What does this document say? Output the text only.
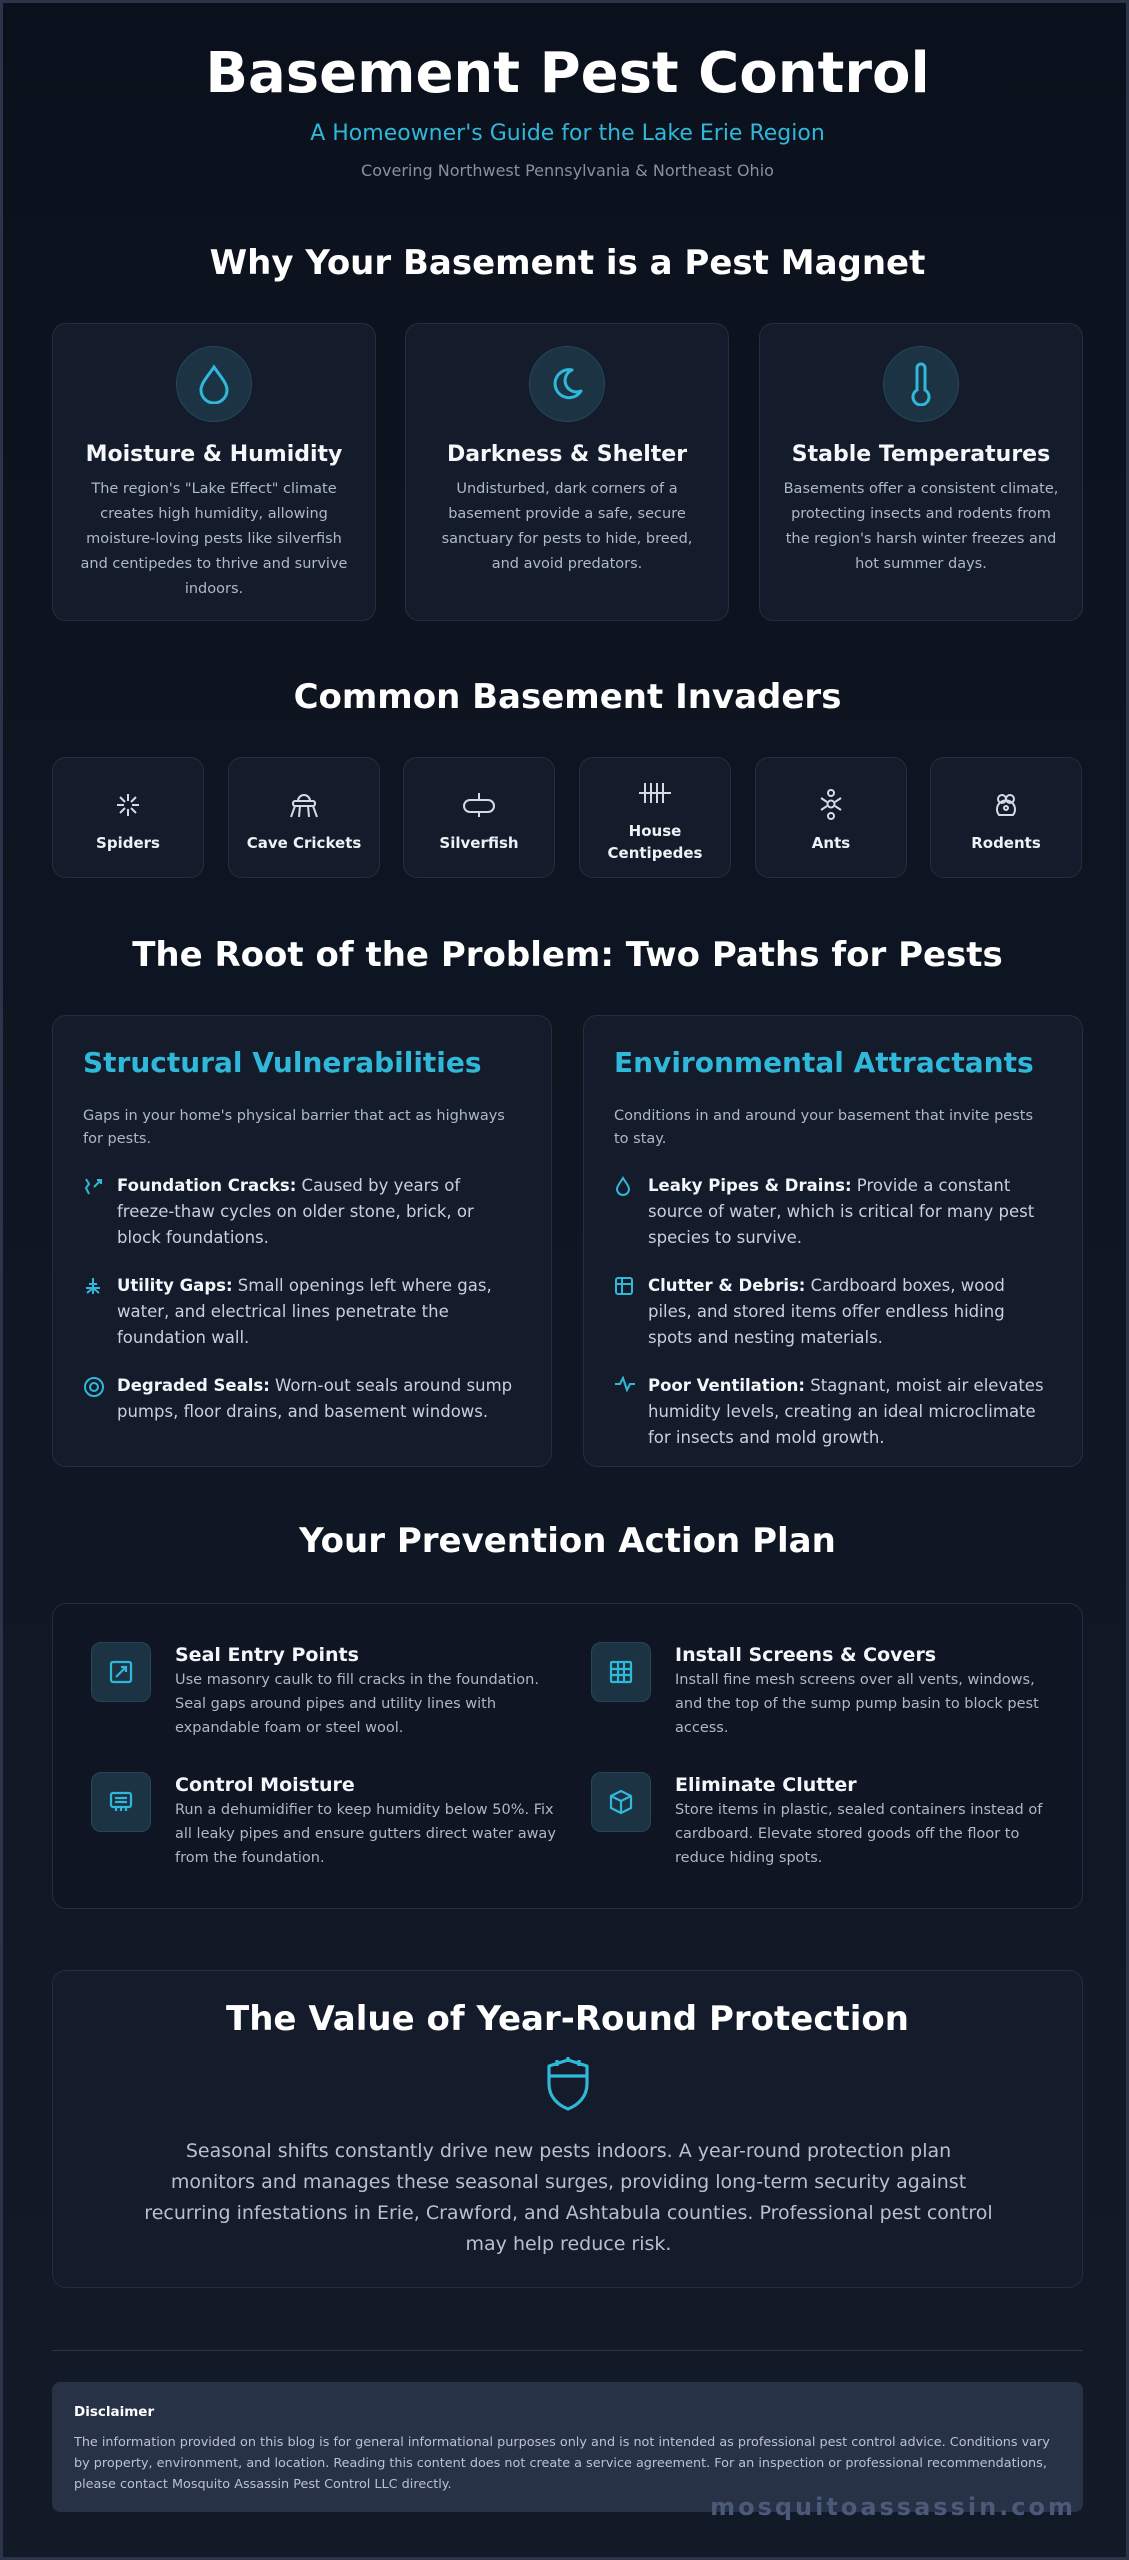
Basement Pest Control
A Homeowner's Guide for the Lake Erie Region
Covering Northwest Pennsylvania & Northeast Ohio
Why Your Basement is a Pest Magnet
Moisture & Humidity
The region's "Lake Effect" climate creates high humidity, allowing moisture-loving pests like silverfish and centipedes to thrive and survive indoors.
Darkness & Shelter
Undisturbed, dark corners of a basement provide a safe, secure sanctuary for pests to hide, breed, and avoid predators.
Stable Temperatures
Basements offer a consistent climate, protecting insects and rodents from the region's harsh winter freezes and hot summer days.
Common Basement Invaders
Spiders	Cave Crickets	Silverfish
House Centipedes
Ants	Rodents
The Root of the Problem: Two Paths for Pests
Structural Vulnerabilities
Gaps in your home's physical barrier that act as highways for pests.
Foundation Cracks: Caused by years of freeze-thaw cycles on older stone, brick, or block foundations.
Utility Gaps: Small openings left where gas, water, and electrical lines penetrate the foundation wall.
Degraded Seals: Worn-out seals around sump pumps, floor drains, and basement windows.
Environmental Attractants
Conditions in and around your basement that invite pests to stay.
Leaky Pipes & Drains: Provide a constant source of water, which is critical for many pest species to survive.
Clutter & Debris: Cardboard boxes, wood piles, and stored items offer endless hiding spots and nesting materials.
Poor Ventilation: Stagnant, moist air elevates humidity levels, creating an ideal microclimate for insects and mold growth.
Your Prevention Action Plan
Seal Entry Points
Use masonry caulk to fill cracks in the foundation. Seal gaps around pipes and utility lines with expandable foam or steel wool.
Install Screens & Covers
Install fine mesh screens over all vents, windows, and the top of the sump pump basin to block pest access.
Control Moisture
Run a dehumidifier to keep humidity below 50%. Fix all leaky pipes and ensure gutters direct water away from the foundation.
Eliminate Clutter
Store items in plastic, sealed containers instead of cardboard. Elevate stored goods off the floor to reduce hiding spots.
The Value of Year-Round Protection
Seasonal shifts constantly drive new pests indoors. A year-round protection plan monitors and manages these seasonal surges, providing long-term security against recurring infestations in Erie, Crawford, and Ashtabula counties. Professional pest control may help reduce risk.
Disclaimer
The information provided on this blog is for general informational purposes only and is not intended as professional pest control advice. Conditions vary by property, environment, and location. Reading this content does not create a service agreement. For an inspection or professional recommendations, please contact Mosquito Assassin Pest Control LLC directly.
mosquitoassassin.com
